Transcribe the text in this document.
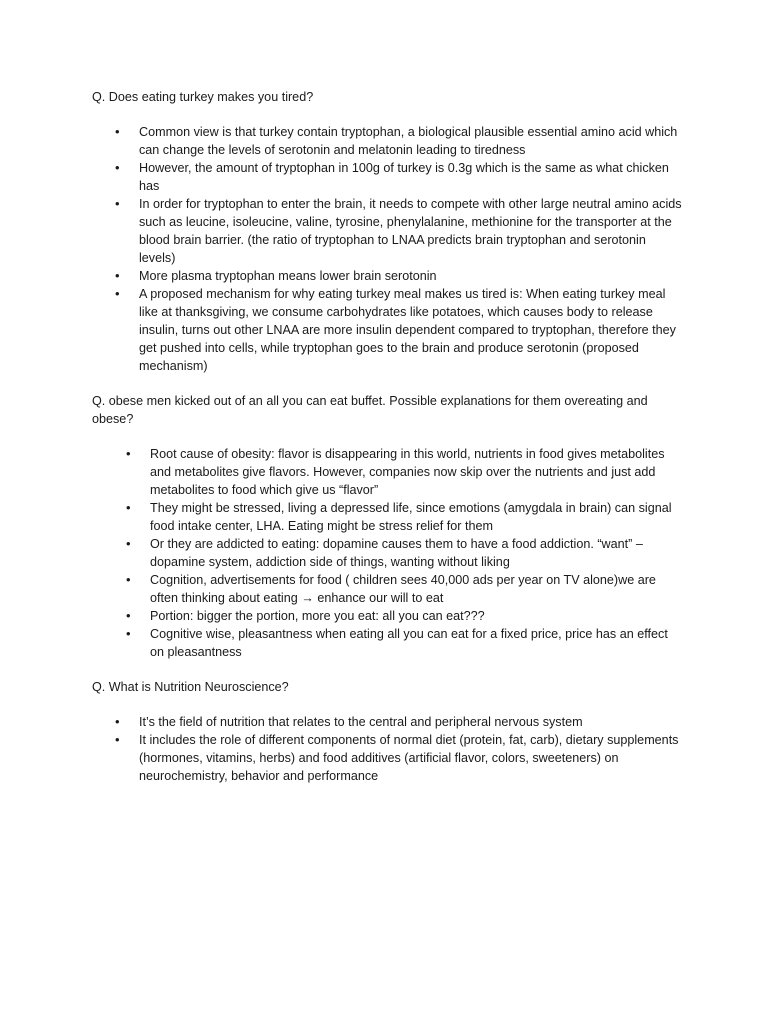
Q. Does eating turkey makes you tired?

• Common view is that turkey contain tryptophan, a biological plausible essential amino acid which can change the levels of serotonin and melatonin leading to tiredness
• However, the amount of tryptophan in 100g of turkey is 0.3g which is the same as what chicken has
• In order for tryptophan to enter the brain, it needs to compete with other large neutral amino acids such as leucine, isoleucine, valine, tyrosine, phenylalanine, methionine for the transporter at the blood brain barrier. (the ratio of tryptophan to LNAA predicts brain tryptophan and serotonin levels)
• More plasma tryptophan means lower brain serotonin
• A proposed mechanism for why eating turkey meal makes us tired is: When eating turkey meal like at thanksgiving, we consume carbohydrates like potatoes, which causes body to release insulin, turns out other LNAA are more insulin dependent compared to tryptophan, therefore they get pushed into cells, while tryptophan goes to the brain and produce serotonin (proposed mechanism)

Q. obese men kicked out of an all you can eat buffet. Possible explanations for them overeating and obese?

• Root cause of obesity: flavor is disappearing in this world, nutrients in food gives metabolites and metabolites give flavors. However, companies now skip over the nutrients and just add metabolites to food which give us “flavor”
• They might be stressed, living a depressed life, since emotions (amygdala in brain) can signal food intake center, LHA. Eating might be stress relief for them
• Or they are addicted to eating: dopamine causes them to have a food addiction. “want” – dopamine system, addiction side of things, wanting without liking
• Cognition, advertisements for food ( children sees 40,000 ads per year on TV alone)we are often thinking about eating → enhance our will to eat
• Portion: bigger the portion, more you eat: all you can eat???
• Cognitive wise, pleasantness when eating all you can eat for a fixed price, price has an effect on pleasantness

Q. What is Nutrition Neuroscience?

• It’s the field of nutrition that relates to the central and peripheral nervous system
• It includes the role of different components of normal diet (protein, fat, carb), dietary supplements (hormones, vitamins, herbs) and food additives (artificial flavor, colors, sweeteners) on neurochemistry, behavior and performance
